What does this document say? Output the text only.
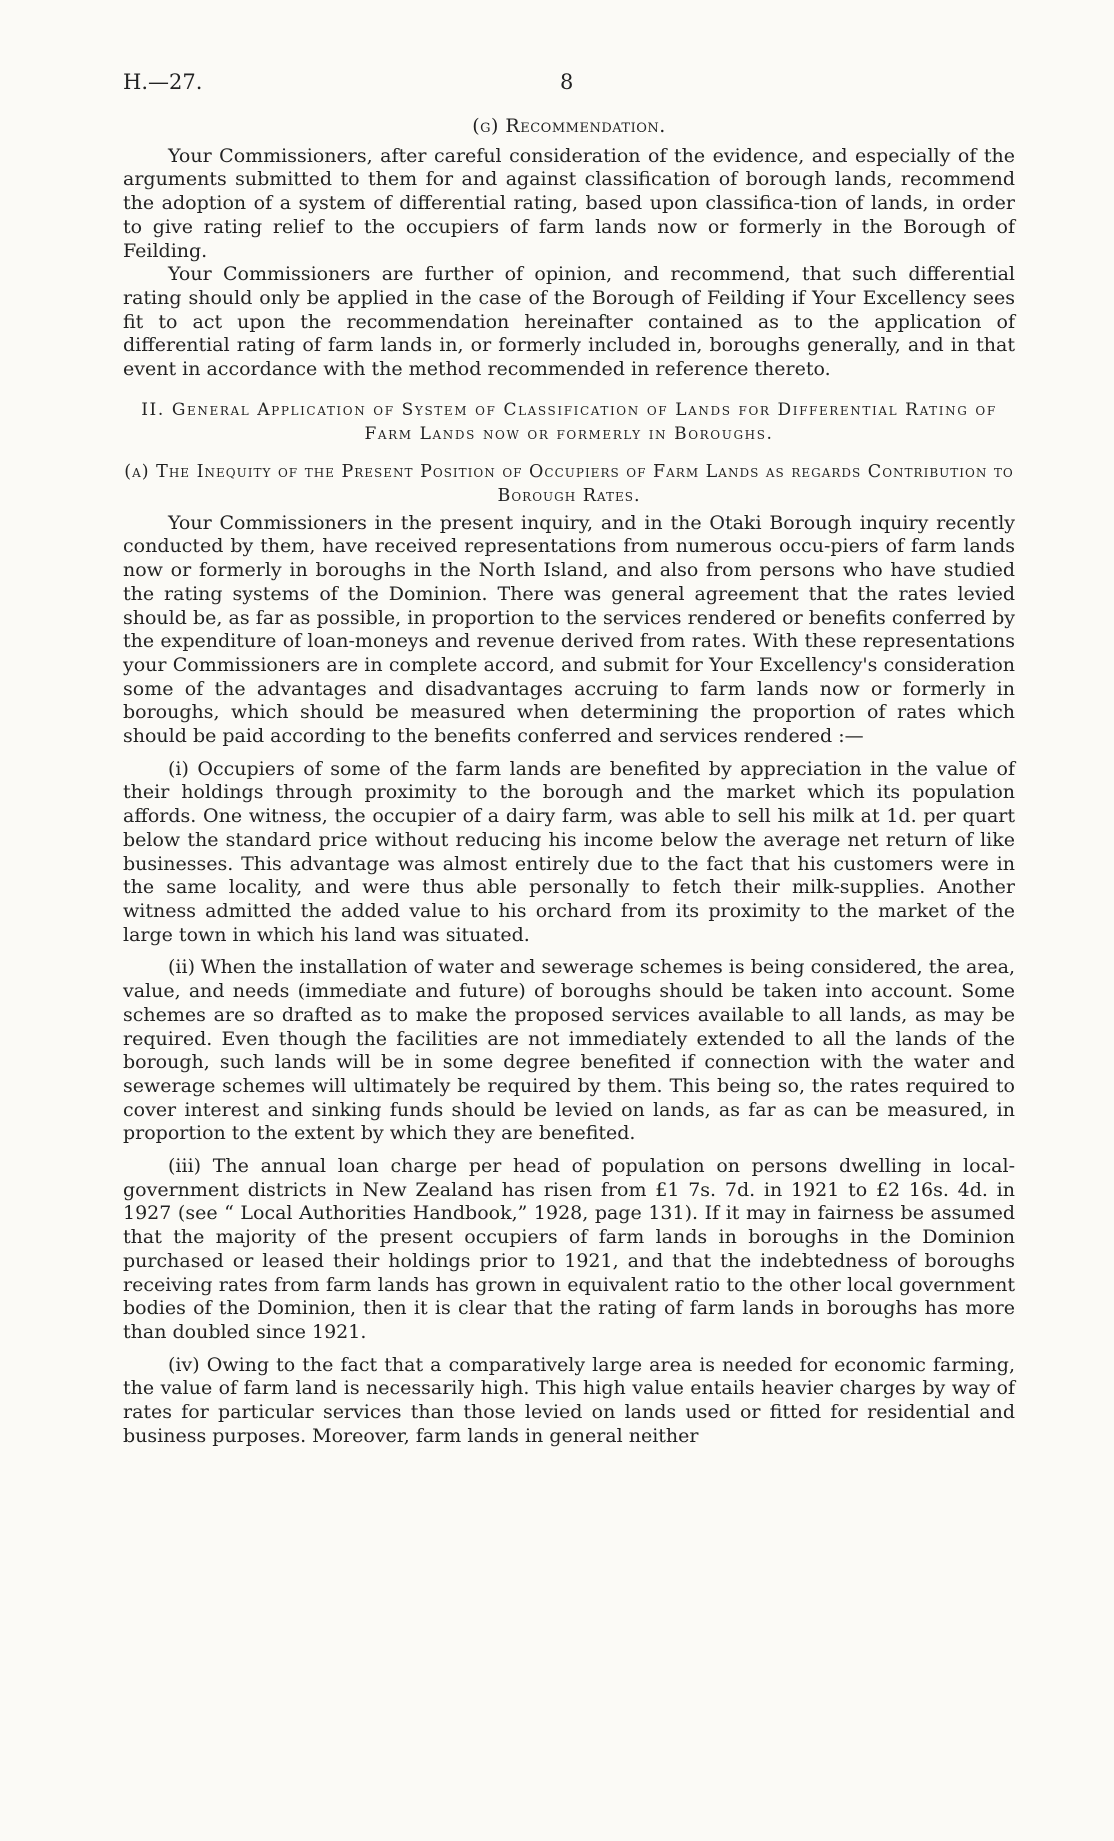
H.—27.	8
(g) Recommendation.

Your Commissioners, after careful consideration of the evidence, and especially of the arguments submitted to them for and against classification of borough lands, recommend the adoption of a system of differential rating, based upon classifica-tion of lands, in order to give rating relief to the occupiers of farm lands now or formerly in the Borough of Feilding.

Your Commissioners are further of opinion, and recommend, that such differential rating should only be applied in the case of the Borough of Feilding if Your Excellency sees fit to act upon the recommendation hereinafter contained as to the application of differential rating of farm lands in, or formerly included in, boroughs generally, and in that event in accordance with the method recommended in reference thereto.

II. General Application of System of Classification of Lands for Differential Rating of Farm Lands now or formerly in Boroughs.
(a) The Inequity of the Present Position of Occupiers of Farm Lands as regards Contribution to Borough Rates.

Your Commissioners in the present inquiry, and in the Otaki Borough inquiry recently conducted by them, have received representations from numerous occu-piers of farm lands now or formerly in boroughs in the North Island, and also from persons who have studied the rating systems of the Dominion. There was general agreement that the rates levied should be, as far as possible, in proportion to the services rendered or benefits conferred by the expenditure of loan-moneys and revenue derived from rates. With these representations your Commissioners are in complete accord, and submit for Your Excellency's consideration some of the advantages and disadvantages accruing to farm lands now or formerly in boroughs, which should be measured when determining the proportion of rates which should be paid according to the benefits conferred and services rendered :—

(i) Occupiers of some of the farm lands are benefited by appreciation in the value of their holdings through proximity to the borough and the market which its population affords. One witness, the occupier of a dairy farm, was able to sell his milk at 1d. per quart below the standard price without reducing his income below the average net return of like businesses. This advantage was almost entirely due to the fact that his customers were in the same locality, and were thus able personally to fetch their milk-supplies. Another witness admitted the added value to his orchard from its proximity to the market of the large town in which his land was situated.

(ii) When the installation of water and sewerage schemes is being considered, the area, value, and needs (immediate and future) of boroughs should be taken into account. Some schemes are so drafted as to make the proposed services available to all lands, as may be required. Even though the facilities are not immediately extended to all the lands of the borough, such lands will be in some degree benefited if connection with the water and sewerage schemes will ultimately be required by them. This being so, the rates required to cover interest and sinking funds should be levied on lands, as far as can be measured, in proportion to the extent by which they are benefited.

(iii) The annual loan charge per head of population on persons dwelling in local-government districts in New Zealand has risen from £1 7s. 7d. in 1921 to £2 16s. 4d. in 1927 (see “ Local Authorities Handbook,” 1928, page 131). If it may in fairness be assumed that the majority of the present occupiers of farm lands in boroughs in the Dominion purchased or leased their holdings prior to 1921, and that the indebtedness of boroughs receiving rates from farm lands has grown in equivalent ratio to the other local government bodies of the Dominion, then it is clear that the rating of farm lands in boroughs has more than doubled since 1921.

(iv) Owing to the fact that a comparatively large area is needed for economic farming, the value of farm land is necessarily high. This high value entails heavier charges by way of rates for particular services than those levied on lands used or fitted for residential and business purposes. Moreover, farm lands in general neither
